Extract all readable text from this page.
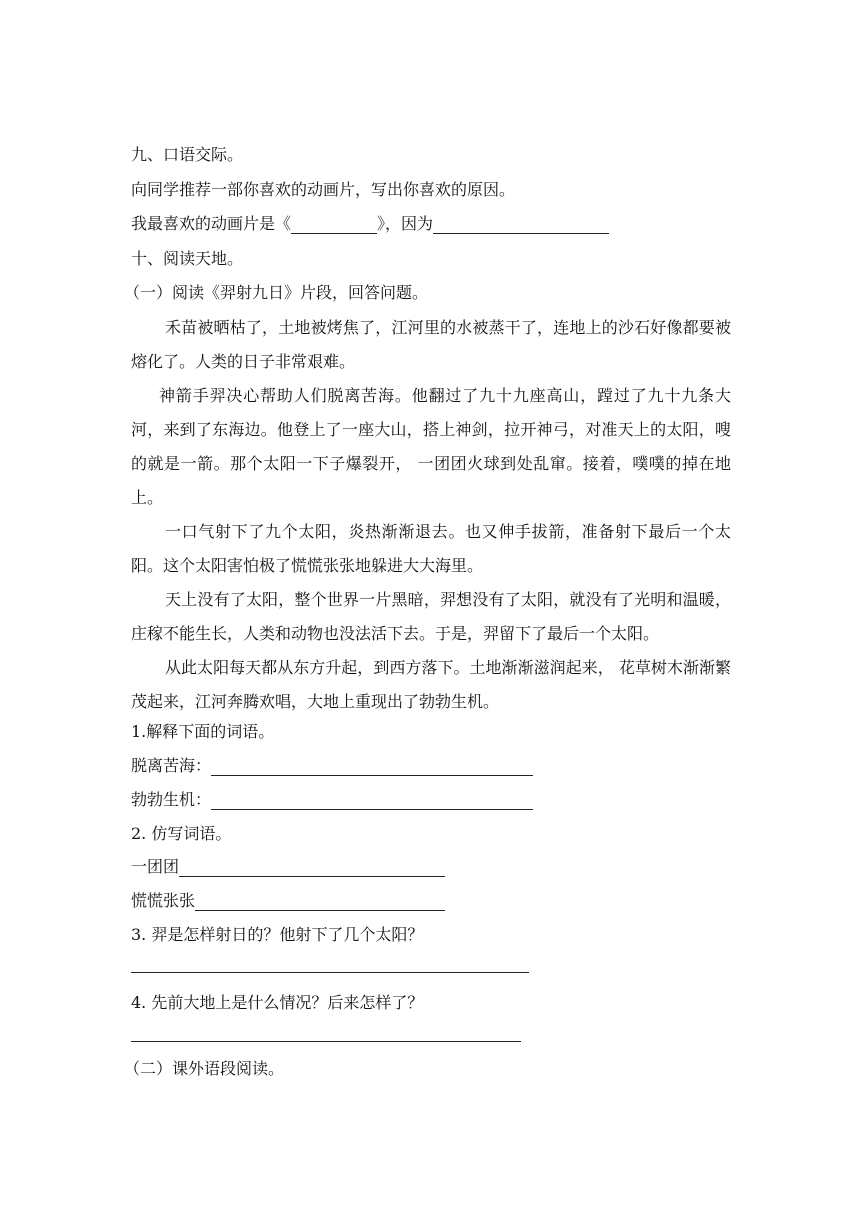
九、口语交际。
向同学推荐一部你喜欢的动画片，写出你喜欢的原因。
我最喜欢的动画片是《	》，因为
十、阅读天地。
（一）阅读《羿射九日》片段，回答问题。
禾苗被晒枯了，土地被烤焦了，江河里的水被蒸干了，连地上的沙石好像都要被熔化了。人类的日子非常艰难。
神箭手羿决心帮助人们脱离苦海。他翻过了九十九座高山，蹚过了九十九条大河，来到了东海边。他登上了一座大山，搭上神剑，拉开神弓，对准天上的太阳，嗖的就是一箭。那个太阳一下子爆裂开， 一团团火球到处乱窜。接着，噗噗的掉在地上。
一口气射下了九个太阳，炎热渐渐退去。也又伸手拔箭，准备射下最后一个太阳。这个太阳害怕极了慌慌张张地躲进大大海里。
天上没有了太阳，整个世界一片黑暗，羿想没有了太阳，就没有了光明和温暖，庄稼不能生长，人类和动物也没法活下去。于是，羿留下了最后一个太阳。
从此太阳每天都从东方升起，到西方落下。土地渐渐滋润起来， 花草树木渐渐繁茂起来，江河奔腾欢唱，大地上重现出了勃勃生机。
1.解释下面的词语。
脱离苦海：
勃勃生机：
2. 仿写词语。
一团团
慌慌张张
3. 羿是怎样射日的？他射下了几个太阳？
4. 先前大地上是什么情况？后来怎样了？
（二）课外语段阅读。
